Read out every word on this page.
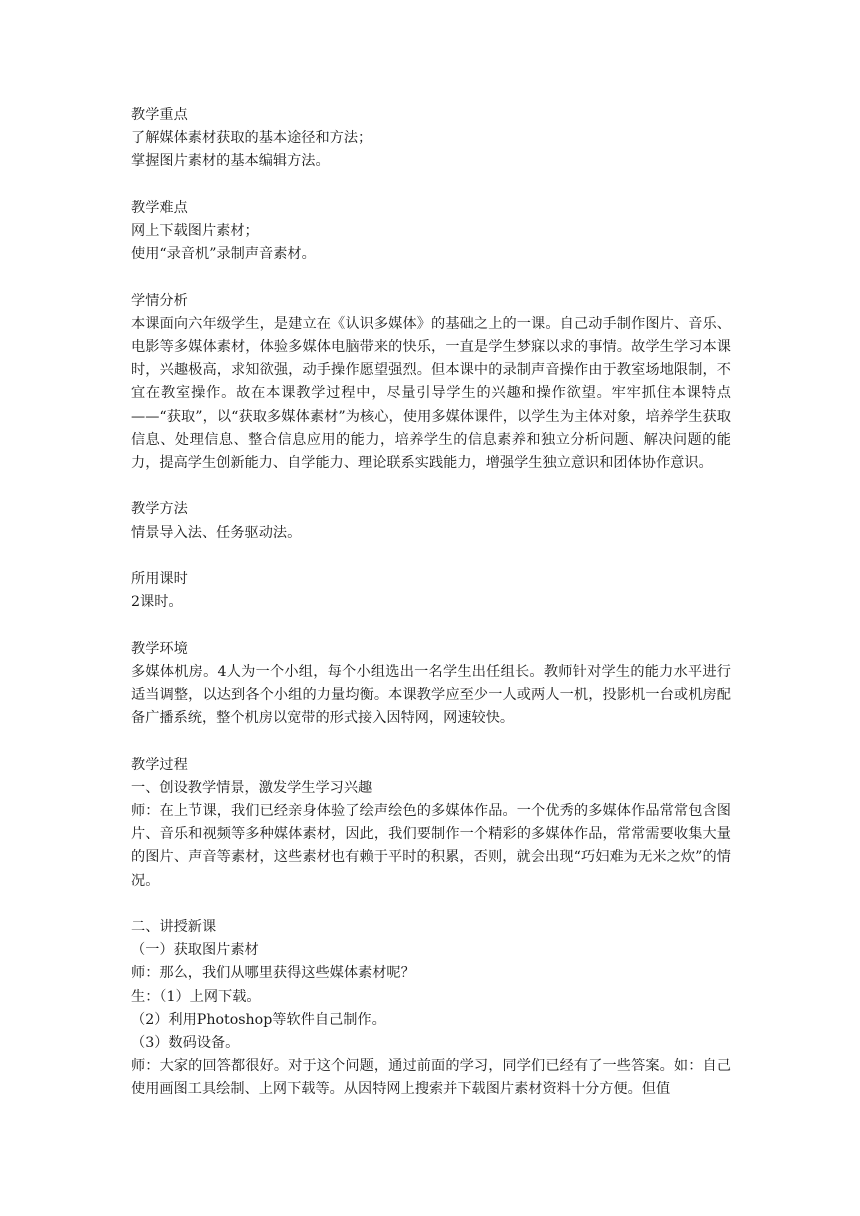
教学重点
了解媒体素材获取的基本途径和方法；
掌握图片素材的基本编辑方法。
教学难点
网上下载图片素材；
使用“录音机”录制声音素材。
学情分析
本课面向六年级学生，是建立在《认识多媒体》的基础之上的一课。自己动手制作图片、音乐、电影等多媒体素材，体验多媒体电脑带来的快乐，一直是学生梦寐以求的事情。故学生学习本课时，兴趣极高，求知欲强，动手操作愿望强烈。但本课中的录制声音操作由于教室场地限制，不宜在教室操作。故在本课教学过程中，尽量引导学生的兴趣和操作欲望。牢牢抓住本课特点——“获取”，以“获取多媒体素材”为核心，使用多媒体课件，以学生为主体对象，培养学生获取信息、处理信息、整合信息应用的能力，培养学生的信息素养和独立分析问题、解决问题的能力，提高学生创新能力、自学能力、理论联系实践能力，增强学生独立意识和团体协作意识。
教学方法
情景导入法、任务驱动法。
所用课时
2课时。
教学环境
多媒体机房。4人为一个小组，每个小组选出一名学生出任组长。教师针对学生的能力水平进行适当调整，以达到各个小组的力量均衡。本课教学应至少一人或两人一机，投影机一台或机房配备广播系统，整个机房以宽带的形式接入因特网，网速较快。
教学过程
一、创设教学情景，激发学生学习兴趣
师：在上节课，我们已经亲身体验了绘声绘色的多媒体作品。一个优秀的多媒体作品常常包含图片、音乐和视频等多种媒体素材，因此，我们要制作一个精彩的多媒体作品，常常需要收集大量的图片、声音等素材，这些素材也有赖于平时的积累，否则，就会出现“巧妇难为无米之炊”的情况。
二、讲授新课
（一）获取图片素材
师：那么，我们从哪里获得这些媒体素材呢？
生：（1）上网下载。
（2）利用Photoshop等软件自己制作。
（3）数码设备。
师：大家的回答都很好。对于这个问题，通过前面的学习，同学们已经有了一些答案。如：自己使用画图工具绘制、上网下载等。从因特网上搜索并下载图片素材资料十分方便。但值
